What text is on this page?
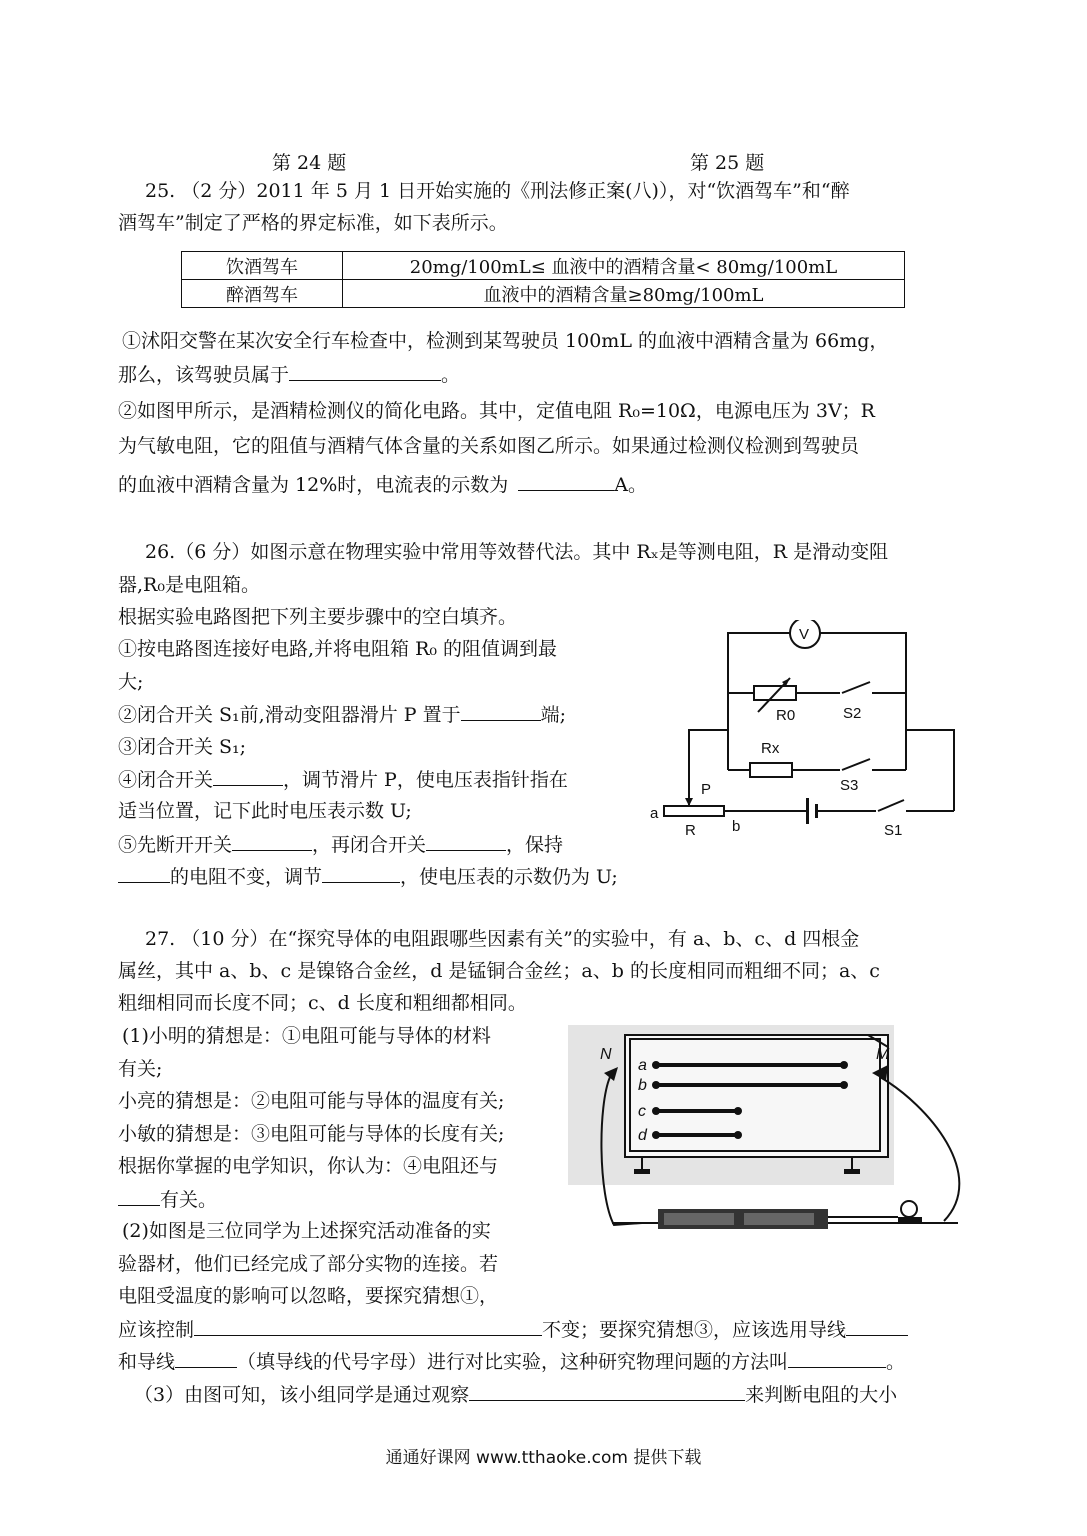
第 24 题	第 25 题
25. （2 分）2011 年 5 月 1 日开始实施的《刑法修正案(八)），对“饮酒驾车”和“醉
酒驾车”制定了严格的界定标准，如下表所示。
饮酒驾车	20mg/100mL≤ 血液中的酒精含量< 80mg/100mL
醉酒驾车	血液中的酒精含量≥80mg/100mL
①沭阳交警在某次安全行车检查中，检测到某驾驶员 100mL 的血液中酒精含量为 66mg，
那么，该驾驶员属于	。
②如图甲所示，是酒精检测仪的简化电路。其中，定值电阻 R₀=10Ω，电源电压为 3V；R
为气敏电阻，它的阻值与酒精气体含量的关系如图乙所示。如果通过检测仪检测到驾驶员
的血液中酒精含量为 12%时，电流表的示数为	A。
26.（6 分）如图示意在物理实验中常用等效替代法。其中 Rₓ是等测电阻，R 是滑动变阻
器,R₀是电阻箱。
根据实验电路图把下列主要步骤中的空白填齐。
①按电路图连接好电路,并将电阻箱 R₀ 的阻值调到最
大;
②闭合开关 S₁前,滑动变阻器滑片 P 置于	端;
③闭合开关 S₁;
④闭合开关	，调节滑片 P，使电压表指针指在
适当位置，记下此时电压表示数 U;
⑤先断开开关	，再闭合开关	，保持
的电阻不变，调节	，使电压表的示数仍为 U;
V
R0	S2
Rx
S3
P
a
R b	S1
27. （10 分）在“探究导体的电阻跟哪些因素有关”的实验中，有 a、b、c、d 四根金
属丝，其中 a、b、c 是镍铬合金丝，d 是锰铜合金丝；a、b 的长度相同而粗细不同；a、c
粗细相同而长度不同；c、d 长度和粗细都相同。
(1)小明的猜想是：①电阻可能与导体的材料
有关;
小亮的猜想是：②电阻可能与导体的温度有关;
小敏的猜想是：③电阻可能与导体的长度有关;
根据你掌握的电学知识，你认为：④电阻还与
有关。
(2)如图是三位同学为上述探究活动准备的实
验器材，他们已经完成了部分实物的连接。若
电阻受温度的影响可以忽略，要探究猜想①，
应该控制	不变；要探究猜想③，应该选用导线
和导线	（填导线的代号字母）进行对比实验，这种研究物理问题的方法叫	。
（3）由图可知，该小组同学是通过观察	来判断电阻的大小
N	M
a
b
c
d
通通好课网 www.tthaoke.com 提供下载
